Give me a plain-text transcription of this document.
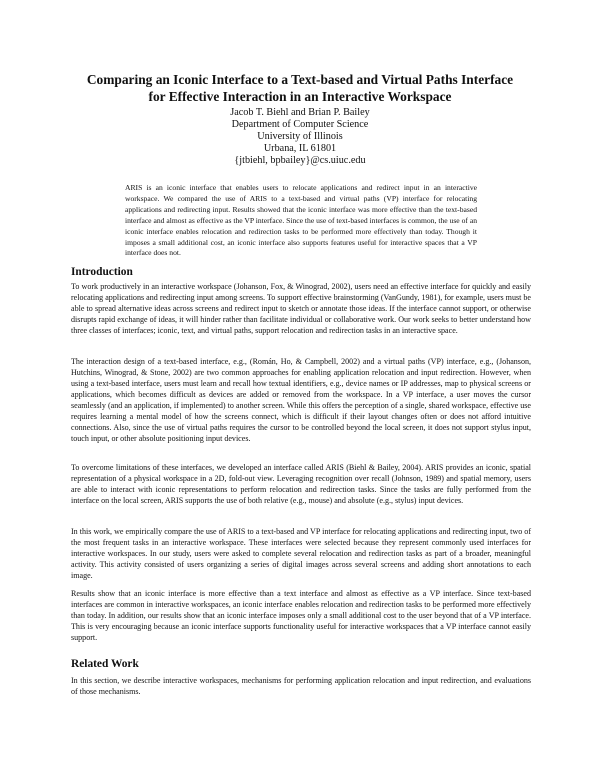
Comparing an Iconic Interface to a Text-based and Virtual Paths Interface
for Effective Interaction in an Interactive Workspace
Jacob T. Biehl and Brian P. Bailey
Department of Computer Science
University of Illinois
Urbana, IL 61801
{jtbiehl, bpbailey}@cs.uiuc.edu
ARIS is an iconic interface that enables users to relocate applications and redirect input in an interactive workspace. We compared the use of ARIS to a text-based and virtual paths (VP) interface for relocating applications and redirecting input. Results showed that the iconic interface was more effective than the text-based interface and almost as effective as the VP interface. Since the use of text-based interfaces is common, the use of an iconic interface enables relocation and redirection tasks to be performed more effectively than today. Though it imposes a small additional cost, an iconic interface also supports features useful for interactive spaces that a VP interface does not.
Introduction
To work productively in an interactive workspace (Johanson, Fox, & Winograd, 2002), users need an effective interface for quickly and easily relocating applications and redirecting input among screens. To support effective brainstorming (VanGundy, 1981), for example, users must be able to spread alternative ideas across screens and redirect input to sketch or annotate those ideas. If the interface cannot support, or otherwise disrupts rapid exchange of ideas, it will hinder rather than facilitate individual or collaborative work. Our work seeks to better understand how three classes of interfaces; iconic, text, and virtual paths, support relocation and redirection tasks in an interactive space.
The interaction design of a text-based interface, e.g., (Román, Ho, & Campbell, 2002) and a virtual paths (VP) interface, e.g., (Johanson, Hutchins, Winograd, & Stone, 2002) are two common approaches for enabling application relocation and input redirection. However, when using a text-based interface, users must learn and recall how textual identifiers, e.g., device names or IP addresses, map to physical screens or applications, which becomes difficult as devices are added or removed from the workspace. In a VP interface, a user moves the cursor seamlessly (and an application, if implemented) to another screen. While this offers the perception of a single, shared workspace, effective use requires learning a mental model of how the screens connect, which is difficult if their layout changes often or does not afford intuitive connections. Also, since the use of virtual paths requires the cursor to be controlled beyond the local screen, it does not support stylus input, touch input, or other absolute positioning input devices.
To overcome limitations of these interfaces, we developed an interface called ARIS (Biehl & Bailey, 2004). ARIS provides an iconic, spatial representation of a physical workspace in a 2D, fold-out view. Leveraging recognition over recall (Johnson, 1989) and spatial memory, users are able to interact with iconic representations to perform relocation and redirection tasks. Since the tasks are fully performed from the interface on the local screen, ARIS supports the use of both relative (e.g., mouse) and absolute (e.g., stylus) input devices.
In this work, we empirically compare the use of ARIS to a text-based and VP interface for relocating applications and redirecting input, two of the most frequent tasks in an interactive workspace. These interfaces were selected because they represent commonly used interfaces for interactive workspaces. In our study, users were asked to complete several relocation and redirection tasks as part of a broader, meaningful activity. This activity consisted of users organizing a series of digital images across several screens and adding short annotations to each image.
Results show that an iconic interface is more effective than a text interface and almost as effective as a VP interface. Since text-based interfaces are common in interactive workspaces, an iconic interface enables relocation and redirection tasks to be performed more effectively than today. In addition, our results show that an iconic interface imposes only a small additional cost to the user beyond that of a VP interface. This is very encouraging because an iconic interface supports functionality useful for interactive workspaces that a VP interface cannot easily support.
Related Work
In this section, we describe interactive workspaces, mechanisms for performing application relocation and input redirection, and evaluations of those mechanisms.
